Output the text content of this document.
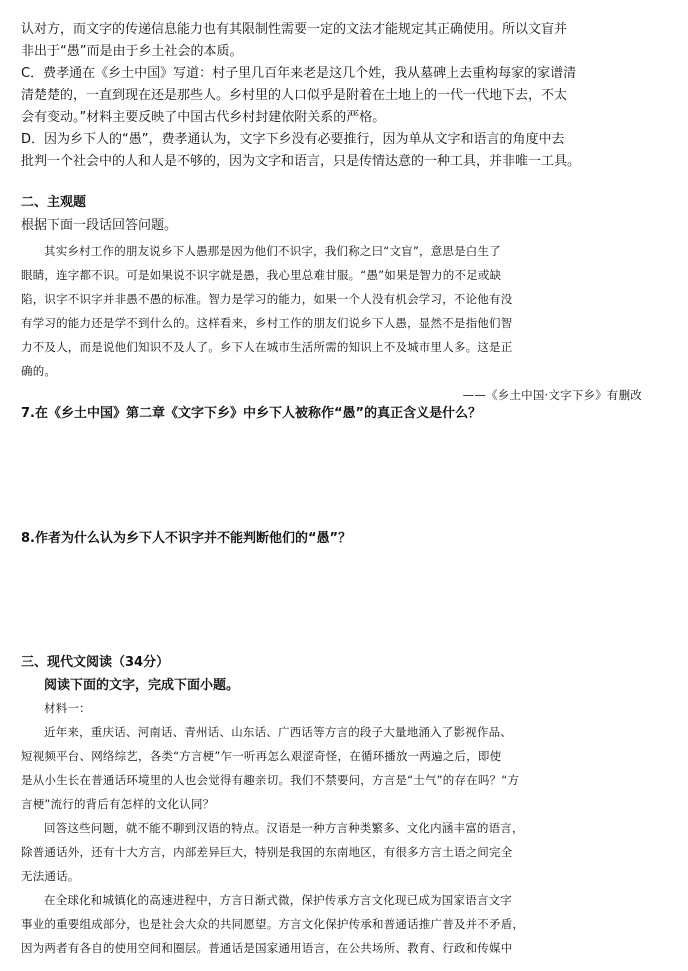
认对方，而文字的传递信息能力也有其限制性需要一定的文法才能规定其正确使用。所以文盲并

非出于“愚”而是由于乡土社会的本质。

C．费孝通在《乡土中国》写道：村子里几百年来老是这几个姓，我从墓碑上去重构每家的家谱清

清楚楚的，一直到现在还是那些人。乡村里的人口似乎是附着在土地上的一代一代地下去，不太

会有变动。”材料主要反映了中国古代乡村封建依附关系的严格。

D．因为乡下人的“愚”，费孝通认为，文字下乡没有必要推行，因为单从文字和语言的角度中去

批判一个社会中的人和人是不够的，因为文字和语言，只是传情达意的一种工具，并非唯一工具。

二、主观题

根据下面一段话回答问题。

其实乡村工作的朋友说乡下人愚那是因为他们不识字，我们称之曰“文盲”，意思是白生了

眼睛，连字都不识。可是如果说不识字就是愚，我心里总难甘服。“愚”如果是智力的不足或缺

陷，识字不识字并非愚不愚的标准。智力是学习的能力，如果一个人没有机会学习，不论他有没

有学习的能力还是学不到什么的。这样看来，乡村工作的朋友们说乡下人愚，显然不是指他们智

力不及人，而是说他们知识不及人了。乡下人在城市生活所需的知识上不及城市里人多。这是正

确的。

——《乡土中国·文字下乡》有删改

7.在《乡土中国》第二章《文字下乡》中乡下人被称作“愚”的真正含义是什么？

8.作者为什么认为乡下人不识字并不能判断他们的“愚”？

三、现代文阅读（34分）

阅读下面的文字，完成下面小题。

材料一：

近年来，重庆话、河南话、青州话、山东话、广西话等方言的段子大量地涌入了影视作品、

短视频平台、网络综艺，各类“方言梗”乍一听再怎么艰涩奇怪，在循环播放一两遍之后，即使

是从小生长在普通话环境里的人也会觉得有趣亲切。我们不禁要问，方言是“土气”的存在吗？“方

言梗”流行的背后有怎样的文化认同？

回答这些问题，就不能不聊到汉语的特点。汉语是一种方言种类繁多、文化内涵丰富的语言，

除普通话外，还有十大方言，内部差异巨大，特别是我国的东南地区，有很多方言土语之间完全

无法通话。

在全球化和城镇化的高速进程中，方言日渐式微，保护传承方言文化现已成为国家语言文字

事业的重要组成部分，也是社会大众的共同愿望。方言文化保护传承和普通话推广普及并不矛盾，

因为两者有各自的使用空间和圈层。普通话是国家通用语言，在公共场所、教育、行政和传媒中
